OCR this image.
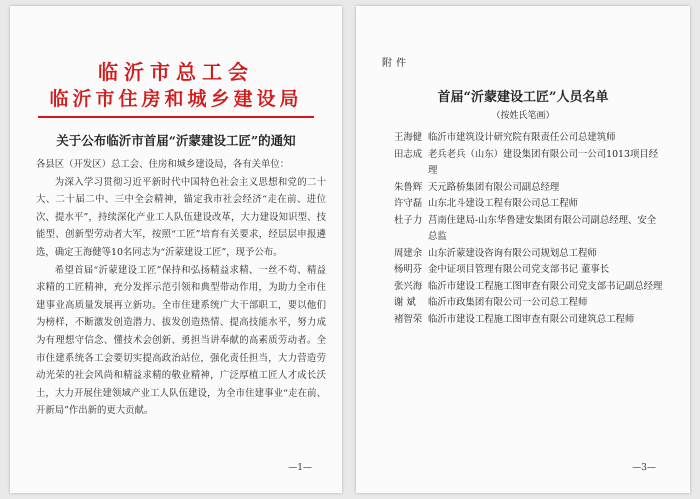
临沂市总工会
临沂市住房和城乡建设局
关于公布临沂市首届“沂蒙建设工匠”的通知

各县区（开发区）总工会、住房和城乡建设局，各有关单位：

为深入学习贯彻习近平新时代中国特色社会主义思想和党的二十大、二十届二中、三中全会精神，锚定我市社会经济“走在前、进位次、提水平”，持续深化产业工人队伍建设改革，大力建设知识型、技能型、创新型劳动者大军，按照“工匠”培育有关要求，经层层申报遴选，确定王海健等10名同志为“沂蒙建设工匠”，现予公布。

希望首届“沂蒙建设工匠”保持和弘扬精益求精、一丝不苟、精益求精的工匠精神，充分发挥示范引领和典型带动作用，为助力全市住建事业高质量发展再立新功。全市住建系统广大干部职工，要以他们为榜样，不断激发创造潜力、拔发创造热情、提高技能水平，努力成为有理想守信念、懂技术会创新、勇担当讲奉献的高素质劳动者。全市住建系统各工会要切实提高政治站位，强化责任担当，大力营造劳动光荣的社会风尚和精益求精的敬业精神，广泛厚植工匠人才成长沃土，大力开展住建领域产业工人队伍建设，为全市住建事业“走在前、开新局”作出新的更大贡献。

—1—
附件
首届“沂蒙建设工匠”人员名单
（按姓氏笔画）
王海健 临沂市建筑设计研究院有限责任公司总建筑师
田志成 老兵老兵（山东）建设集团有限公司一公司1013项目经理
朱鲁辉 天元路桥集团有限公司副总经理
许守磊 山东北斗建设工程有限公司总工程师
杜子力 莒南住建局-山东华鲁建安集团有限公司副总经理、安全总监
周建余 山东沂蒙建设咨询有限公司规划总工程师
杨明芬 金中证项目管理有限公司党支部书记 董事长
张兴海 临沂市建设工程施工图审查有限公司党支部书记副总经理
谢 斌	临沂市政集团有限公司一公司总工程师
褚智荣 临沂市建设工程施工图审查有限公司建筑总工程师
—3—
